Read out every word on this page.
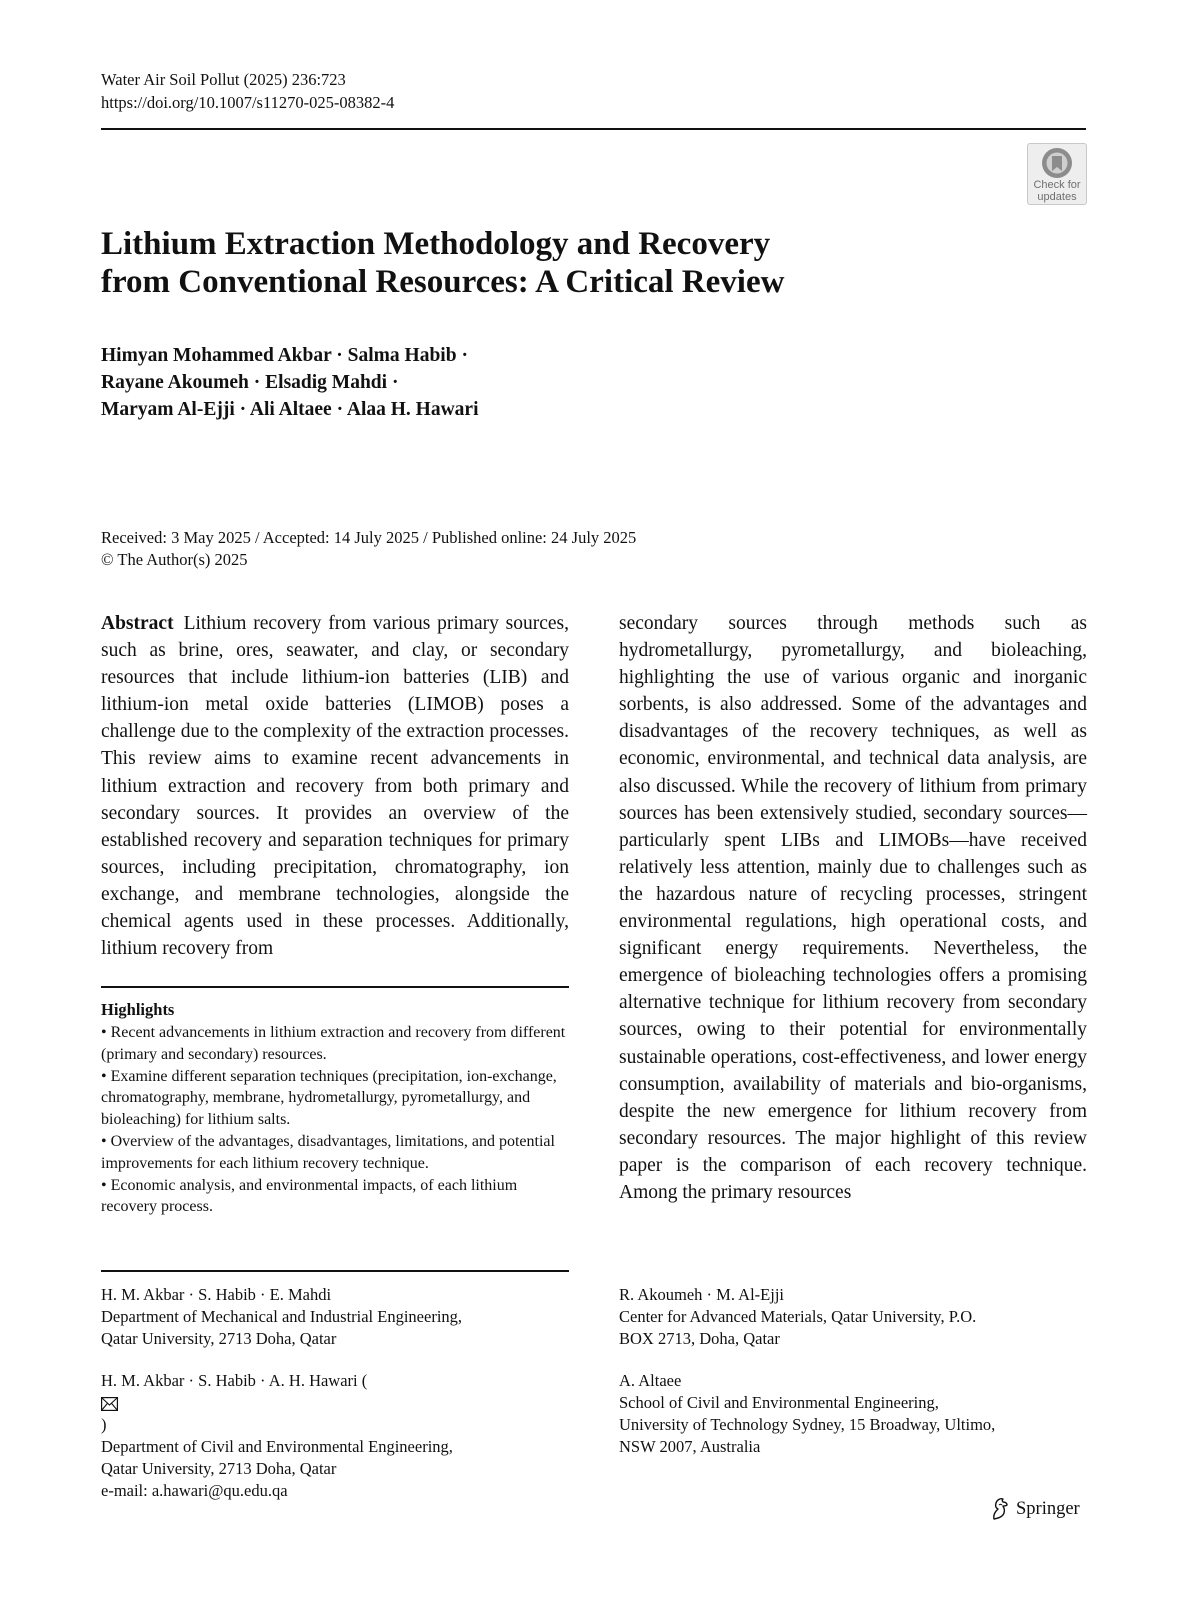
Water Air Soil Pollut (2025) 236:723
https://doi.org/10.1007/s11270-025-08382-4
Check for
updates
Lithium Extraction Methodology and Recovery
from Conventional Resources: A Critical Review
Himyan Mohammed Akbar · Salma Habib ·
Rayane Akoumeh · Elsadig Mahdi ·
Maryam Al-Ejji · Ali Altaee · Alaa H. Hawari
Received: 3 May 2025 / Accepted: 14 July 2025 / Published online: 24 July 2025
© The Author(s) 2025

Abstract Lithium recovery from various primary sources, such as brine, ores, seawater, and clay, or secondary resources that include lithium-ion batteries (LIB) and lithium-ion metal oxide batteries (LIMOB) poses a challenge due to the complexity of the extraction processes. This review aims to examine recent advancements in lithium extraction and recovery from both primary and secondary sources. It provides an overview of the established recovery and separation techniques for primary sources, including precipitation, chromatography, ion exchange, and membrane technologies, alongside the chemical agents used in these processes. Additionally, lithium recovery from

secondary sources through methods such as hydrometallurgy, pyrometallurgy, and bioleaching, highlighting the use of various organic and inorganic sorbents, is also addressed. Some of the advantages and disadvantages of the recovery techniques, as well as economic, environmental, and technical data analysis, are also discussed. While the recovery of lithium from primary sources has been extensively studied, secondary sources—particularly spent LIBs and LIMOBs—have received relatively less attention, mainly due to challenges such as the hazardous nature of recycling processes, stringent environmental regulations, high operational costs, and significant energy requirements. Nevertheless, the emergence of bioleaching technologies offers a promising alternative technique for lithium recovery from secondary sources, owing to their potential for environmentally sustainable operations, cost-effectiveness, and lower energy consumption, availability of materials and bio-organisms, despite the new emergence for lithium recovery from secondary resources. The major highlight of this review paper is the comparison of each recovery technique. Among the primary resources

Highlights
• Recent advancements in lithium extraction and recovery from different (primary and secondary) resources.
• Examine different separation techniques (precipitation, ion-exchange, chromatography, membrane, hydrometallurgy, pyrometallurgy, and bioleaching) for lithium salts.
• Overview of the advantages, disadvantages, limitations, and potential improvements for each lithium recovery technique.
• Economic analysis, and environmental impacts, of each lithium recovery process.
H. M. Akbar · S. Habib · E. Mahdi
Department of Mechanical and Industrial Engineering,
Qatar University, 2713 Doha, Qatar
H. M. Akbar · S. Habib · A. H. Hawari (
)
Department of Civil and Environmental Engineering,
Qatar University, 2713 Doha, Qatar
e-mail: a.hawari@qu.edu.qa
R. Akoumeh · M. Al-Ejji
Center for Advanced Materials, Qatar University, P.O.
BOX 2713, Doha, Qatar
A. Altaee
School of Civil and Environmental Engineering,
University of Technology Sydney, 15 Broadway, Ultimo,
NSW 2007, Australia
Springer
